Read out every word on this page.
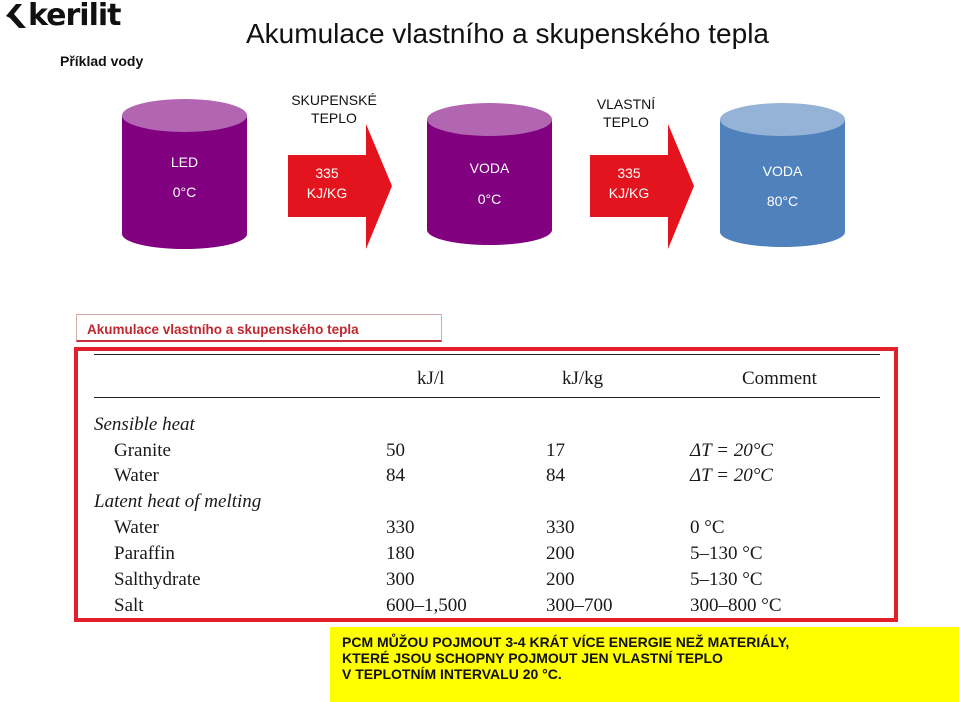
kerilit
Příklad vody
Akumulace vlastního a skupenského tepla
LED
0°C
SKUPENSKÉ
TEPLO
335
KJ/KG
VODA
0°C
VLASTNÍ
TEPLO
335
KJ/KG
VODA
80°C
Akumulace vlastního a skupenského tepla
kJ/l	kJ/kg	Comment
Sensible heat
Granite	50	17	ΔT = 20°C
Water	84	84	ΔT = 20°C
Latent heat of melting
Water	330	330	0 °C
Paraffin	180	200	5–130 °C
Salthydrate	300	200	5–130 °C
Salt	600–1,500	300–700	300–800 °C
PCM MŮŽOU POJMOUT 3-4 KRÁT VÍCE ENERGIE NEŽ MATERIÁLY,
KTERÉ JSOU SCHOPNY POJMOUT JEN VLASTNÍ TEPLO
V TEPLOTNÍM INTERVALU 20 °C.
